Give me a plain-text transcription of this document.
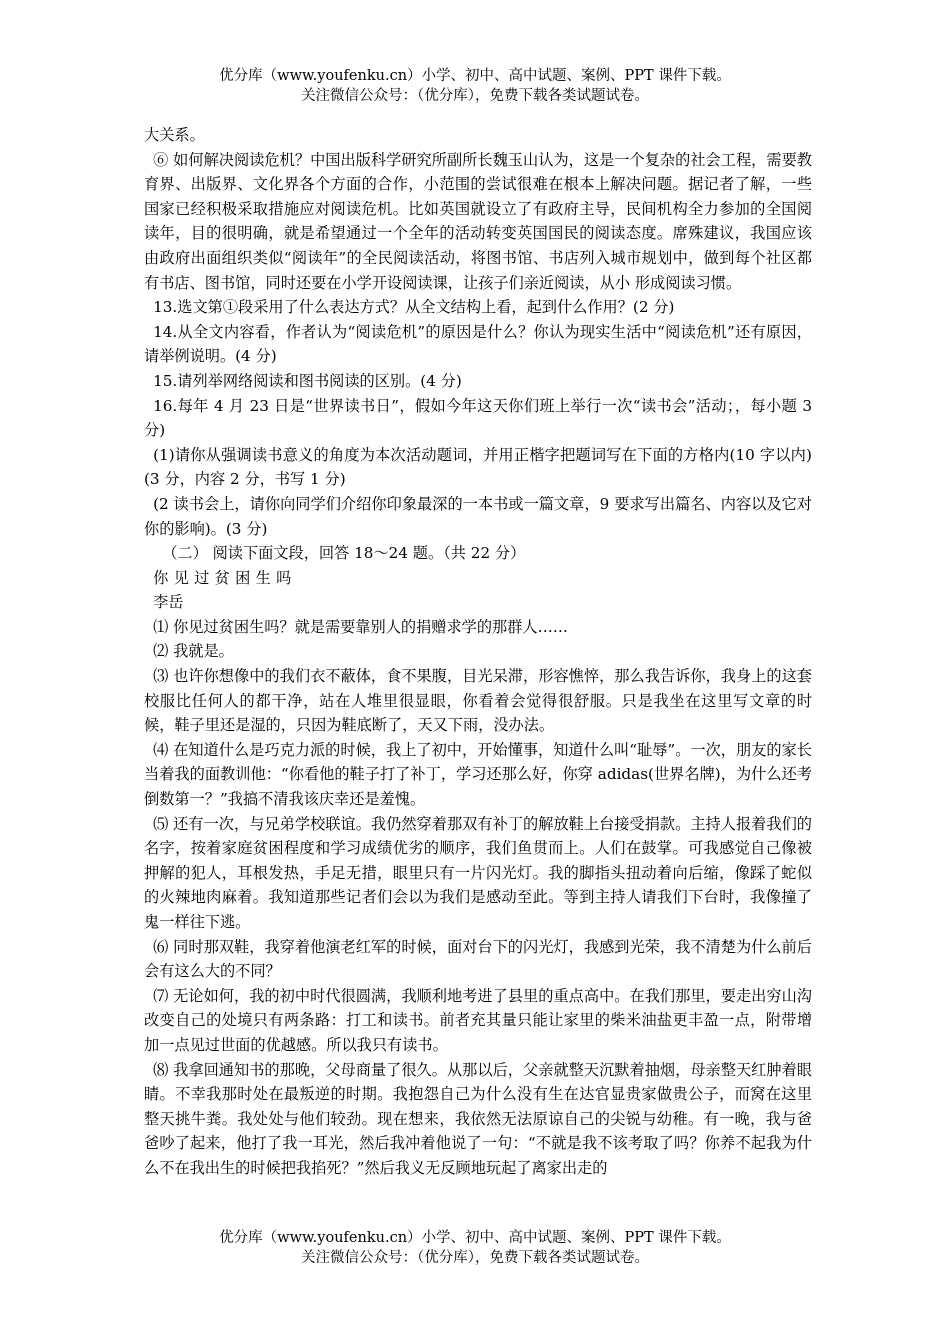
优分库（www.youfenku.cn）小学、初中、高中试题、案例、PPT 课件下载。
关注微信公众号：（优分库），免费下载各类试题试卷。

大关系。

⑥ 如何解决阅读危机？中国出版科学研究所副所长魏玉山认为，这是一个复杂的社会工程，需要教育界、出版界、文化界各个方面的合作，小范围的尝试很难在根本上解决问题。据记者了解，一些国家已经积极采取措施应对阅读危机。比如英国就设立了有政府主导，民间机构全力参加的全国阅读年，目的很明确，就是希望通过一个全年的活动转变英国国民的阅读态度。席殊建议，我国应该由政府出面组织类似“阅读年”的全民阅读活动，将图书馆、书店列入城市规划中，做到每个社区都有书店、图书馆，同时还要在小学开设阅读课，让孩子们亲近阅读，从小 形成阅读习惯。

13.选文第①段采用了什么表达方式？从全文结构上看，起到什么作用？(2 分)

14.从全文内容看，作者认为“阅读危机”的原因是什么？你认为现实生活中“阅读危机”还有原因，请举例说明。(4 分)

15.请列举网络阅读和图书阅读的区别。(4 分)

16.每年 4 月 23 日是“世界读书日”，假如今年这天你们班上举行一次“读书会”活动；，每小题 3 分)

(1)请你从强调读书意义的角度为本次活动题词，并用正楷字把题词写在下面的方格内(10 字以内)(3 分，内容 2 分，书写 1 分)

(2 读书会上，请你向同学们介绍你印象最深的一本书或一篇文章，9 要求写出篇名、内容以及它对你的影响)。(3 分)

（二） 阅读下面文段，回答 18～24 题。（共 22 分）

你见过贫困生吗

李岳

⑴ 你见过贫困生吗？就是需要靠别人的捐赠求学的那群人……

⑵ 我就是。

⑶ 也许你想像中的我们衣不蔽体，食不果腹，目光呆滞，形容憔悴，那么我告诉你，我身上的这套校服比任何人的都干净，站在人堆里很显眼，你看着会觉得很舒服。只是我坐在这里写文章的时候，鞋子里还是湿的，只因为鞋底断了，天又下雨，没办法。

⑷ 在知道什么是巧克力派的时候，我上了初中，开始懂事，知道什么叫“耻辱”。一次，朋友的家长当着我的面教训他：“你看他的鞋子打了补丁，学习还那么好，你穿 adidas(世界名牌)，为什么还考倒数第一？”我搞不清我该庆幸还是羞愧。

⑸ 还有一次，与兄弟学校联谊。我仍然穿着那双有补丁的解放鞋上台接受捐款。主持人报着我们的名字，按着家庭贫困程度和学习成绩优劣的顺序，我们鱼贯而上。人们在鼓掌。可我感觉自己像被押解的犯人，耳根发热，手足无措，眼里只有一片闪光灯。我的脚指头扭动着向后缩，像踩了蛇似的火辣地肉麻着。我知道那些记者们会以为我们是感动至此。等到主持人请我们下台时，我像撞了鬼一样往下逃。

⑹ 同时那双鞋，我穿着他演老红军的时候，面对台下的闪光灯，我感到光荣，我不清楚为什么前后会有这么大的不同？

⑺ 无论如何，我的初中时代很圆满，我顺利地考进了县里的重点高中。在我们那里，要走出穷山沟改变自己的处境只有两条路：打工和读书。前者充其量只能让家里的柴米油盐更丰盈一点，附带增加一点见过世面的优越感。所以我只有读书。

⑻ 我拿回通知书的那晚，父母商量了很久。从那以后，父亲就整天沉默着抽烟，母亲整天红肿着眼睛。不幸我那时处在最叛逆的时期。我抱怨自己为什么没有生在达官显贵家做贵公子，而窝在这里整天挑牛粪。我处处与他们较劲。现在想来，我依然无法原谅自己的尖锐与幼稚。有一晚，我与爸爸吵了起来，他打了我一耳光，然后我冲着他说了一句：“不就是我不该考取了吗？你养不起我为什么不在我出生的时候把我掐死？”然后我义无反顾地玩起了离家出走的

优分库（www.youfenku.cn）小学、初中、高中试题、案例、PPT 课件下载。
关注微信公众号：（优分库），免费下载各类试题试卷。
